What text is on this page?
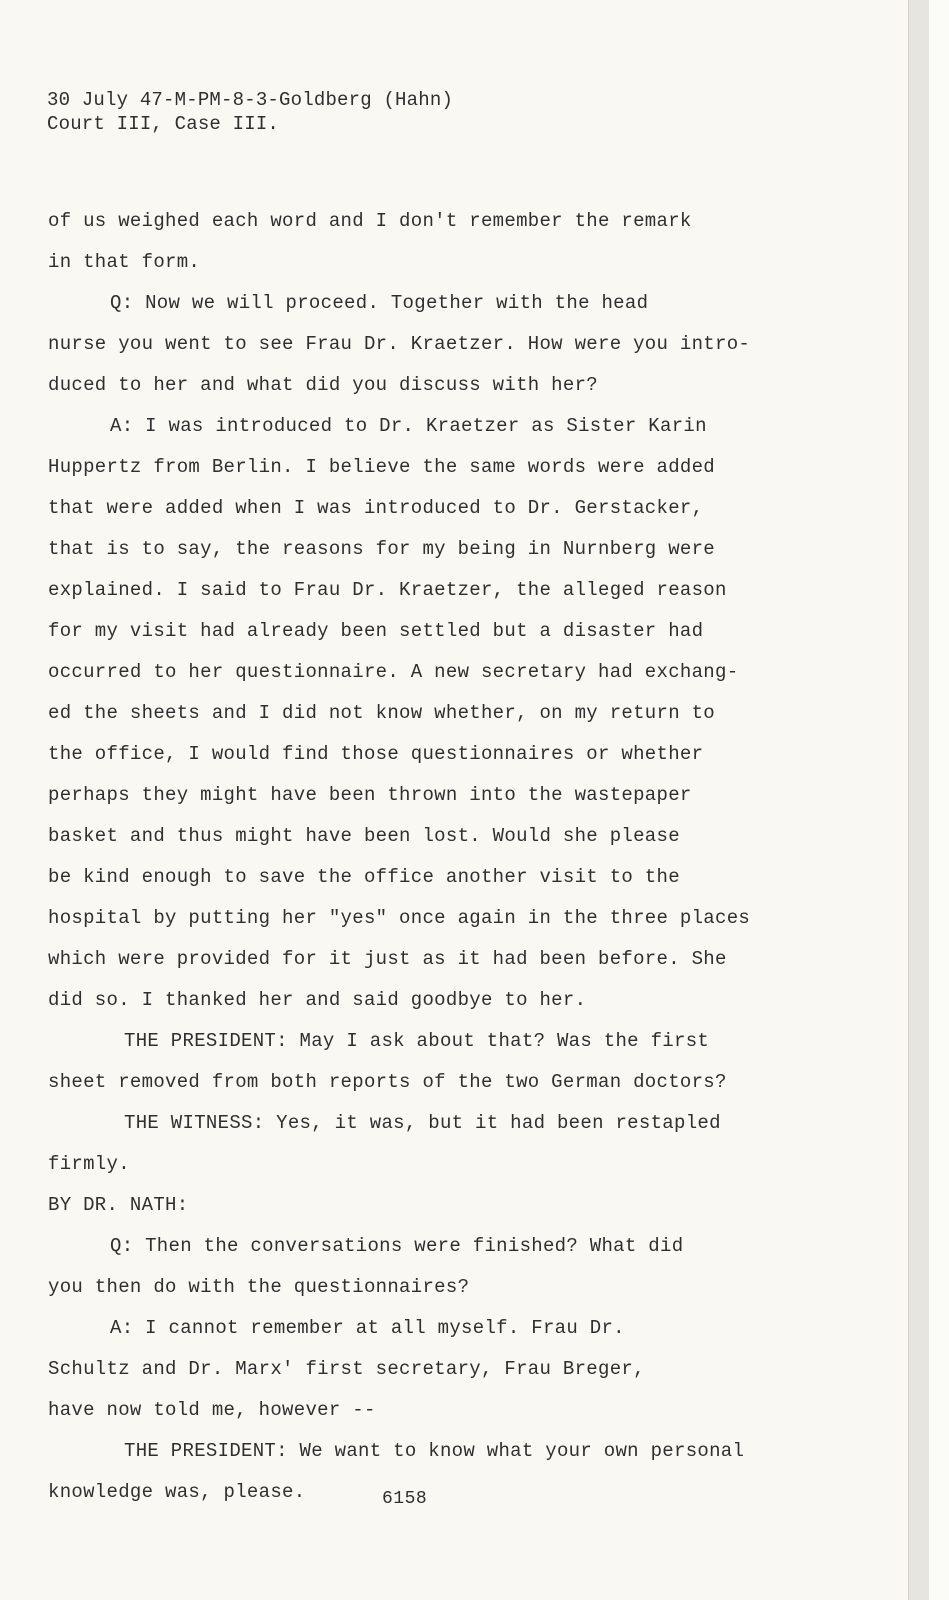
30 July 47-M-PM-8-3-Goldberg (Hahn)
Court III, Case III.
of us weighed each word and I don't remember the remark
in that form.
Q: Now we will proceed. Together with the head
nurse you went to see Frau Dr. Kraetzer. How were you intro-
duced to her and what did you discuss with her?
A: I was introduced to Dr. Kraetzer as Sister Karin
Huppertz from Berlin. I believe the same words were added
that were added when I was introduced to Dr. Gerstacker,
that is to say, the reasons for my being in Nurnberg were
explained. I said to Frau Dr. Kraetzer, the alleged reason
for my visit had already been settled but a disaster had
occurred to her questionnaire. A new secretary had exchang-
ed the sheets and I did not know whether, on my return to
the office, I would find those questionnaires or whether
perhaps they might have been thrown into the wastepaper
basket and thus might have been lost. Would she please
be kind enough to save the office another visit to the
hospital by putting her "yes" once again in the three places
which were provided for it just as it had been before. She
did so. I thanked her and said goodbye to her.
THE PRESIDENT: May I ask about that? Was the first
sheet removed from both reports of the two German doctors?
THE WITNESS: Yes, it was, but it had been restapled
firmly.
BY DR. NATH:
Q: Then the conversations were finished? What did
you then do with the questionnaires?
A: I cannot remember at all myself. Frau Dr.
Schultz and Dr. Marx' first secretary, Frau Breger,
have now told me, however --
THE PRESIDENT: We want to know what your own personal
knowledge was, please.	6158
